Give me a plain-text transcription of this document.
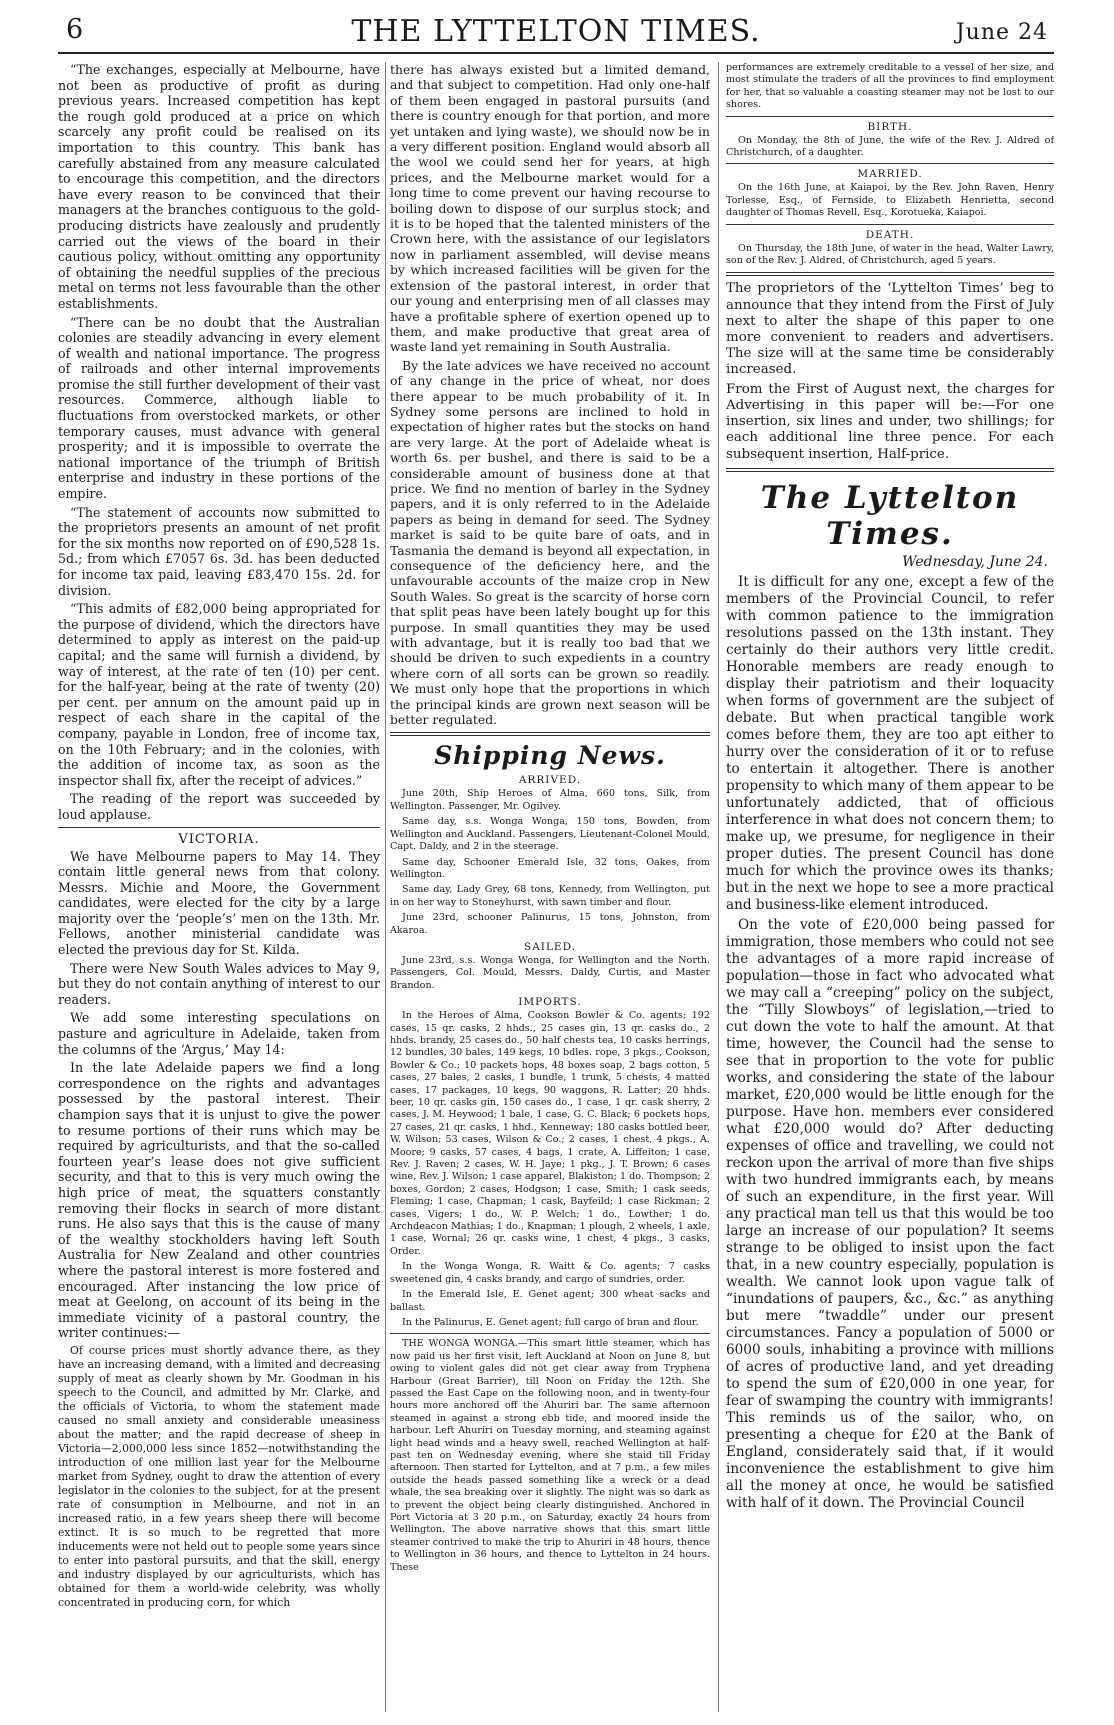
6	THE LYTTELTON TIMES.	June 24

“The exchanges, especially at Melbourne, have not been as productive of profit as during previous years. Increased competition has kept the rough gold produced at a price on which scarcely any profit could be realised on its importation to this country. This bank has carefully abstained from any measure calculated to encourage this competition, and the directors have every reason to be convinced that their managers at the branches contiguous to the gold-producing districts have zealously and prudently carried out the views of the board in their cautious policy, without omitting any opportunity of obtaining the needful supplies of the precious metal on terms not less favourable than the other establishments.

“There can be no doubt that the Australian colonies are steadily advancing in every element of wealth and national importance. The progress of railroads and other internal improvements promise the still further development of their vast resources. Commerce, although liable to fluctuations from overstocked markets, or other temporary causes, must advance with general prosperity; and it is impossible to overrate the national importance of the triumph of British enterprise and industry in these portions of the empire.

“The statement of accounts now submitted to the proprietors presents an amount of net profit for the six months now reported on of £90,528 1s. 5d.; from which £7057 6s. 3d. has been deducted for income tax paid, leaving £83,470 15s. 2d. for division.

“This admits of £82,000 being appropriated for the purpose of dividend, which the directors have determined to apply as interest on the paid-up capital; and the same will furnish a dividend, by way of interest, at the rate of ten (10) per cent. for the half-year, being at the rate of twenty (20) per cent. per annum on the amount paid up in respect of each share in the capital of the company, payable in London, free of income tax, on the 10th February; and in the colonies, with the addition of income tax, as soon as the inspector shall fix, after the receipt of advices.”

The reading of the report was succeeded by loud applause.

VICTORIA.

We have Melbourne papers to May 14. They contain little general news from that colony. Messrs. Michie and Moore, the Government candidates, were elected for the city by a large majority over the ‘people’s’ men on the 13th. Mr. Fellows, another ministerial candidate was elected the previous day for St. Kilda.

There were New South Wales advices to May 9, but they do not contain anything of interest to our readers.

We add some interesting speculations on pasture and agriculture in Adelaide, taken from the columns of the ‘Argus,’ May 14:

In the late Adelaide papers we find a long correspondence on the rights and advantages possessed by the pastoral interest. Their champion says that it is unjust to give the power to resume portions of their runs which may be required by agriculturists, and that the so-called fourteen year’s lease does not give sufficient security, and that to this is very much owing the high price of meat, the squatters constantly removing their flocks in search of more distant runs. He also says that this is the cause of many of the wealthy stockholders having left South Australia for New Zealand and other countries where the pastoral interest is more fostered and encouraged. After instancing the low price of meat at Geelong, on account of its being in the immediate vicinity of a pastoral country, the writer continues:—

Of course prices must shortly advance there, as they have an increasing demand, with a limited and decreasing supply of meat as clearly shown by Mr. Goodman in his speech to the Council, and admitted by Mr. Clarke, and the officials of Victoria, to whom the statement made caused no small anxiety and considerable uneasiness about the matter; and the rapid decrease of sheep in Victoria—2,000,000 less since 1852—notwithstanding the introduction of one million last year for the Melbourne market from Sydney, ought to draw the attention of every legislator in the colonies to the subject, for at the present rate of consumption in Melbourne, and not in an increased ratio, in a few years sheep there will become extinct. It is so much to be regretted that more inducements were not held out to people some years since to enter into pastoral pursuits, and that the skill, energy and industry displayed by our agriculturists, which has obtained for them a world-wide celebrity, was wholly concentrated in producing corn, for which

there has always existed but a limited demand, and that subject to competition. Had only one-half of them been engaged in pastoral pursuits (and there is country enough for that portion, and more yet untaken and lying waste), we should now be in a very different position. England would absorb all the wool we could send her for years, at high prices, and the Melbourne market would for a long time to come prevent our having recourse to boiling down to dispose of our surplus stock; and it is to be hoped that the talented ministers of the Crown here, with the assistance of our legislators now in parliament assembled, will devise means by which increased facilities will be given for the extension of the pastoral interest, in order that our young and enterprising men of all classes may have a profitable sphere of exertion opened up to them, and make productive that great area of waste land yet remaining in South Australia.

By the late advices we have received no account of any change in the price of wheat, nor does there appear to be much probability of it. In Sydney some persons are inclined to hold in expectation of higher rates but the stocks on hand are very large. At the port of Adelaide wheat is worth 6s. per bushel, and there is said to be a considerable amount of business done at that price. We find no mention of barley in the Sydney papers, and it is only referred to in the Adelaide papers as being in demand for seed. The Sydney market is said to be quite bare of oats, and in Tasmania the demand is beyond all expectation, in consequence of the deficiency here, and the unfavourable accounts of the maize crop in New South Wales. So great is the scarcity of horse corn that split peas have been lately bought up for this purpose. In small quantities they may be used with advantage, but it is really too bad that we should be driven to such expedients in a country where corn of all sorts can be grown so readily. We must only hope that the proportions in which the principal kinds are grown next season will be better regulated.

Shipping News.

ARRIVED.

June 20th, Ship Heroes of Alma, 660 tons, Silk, from Wellington. Passenger, Mr. Ogilvey.

Same day, s.s. Wonga Wonga, 150 tons, Bowden, from Wellington and Auckland. Passengers, Lieutenant-Colonel Mould, Capt. Daldy, and 2 in the steerage.

Same day, Schooner Emerald Isle, 32 tons, Oakes, from Wellington.

Same day, Lady Grey, 68 tons, Kennedy, from Wellington, put in on her way to Stoneyhurst, with sawn timber and flour.

June 23rd, schooner Palinurus, 15 tons, Johnston, from Akaroa.

SAILED.

June 23rd, s.s. Wonga Wonga, for Wellington and the North. Passengers, Col. Mould, Messrs. Daldy, Curtis, and Master Brandon.

IMPORTS.

In the Heroes of Alma, Cookson Bowler & Co. agents; 192 cases, 15 qr. casks, 2 hhds., 25 cases gin, 13 qr. casks do., 2 hhds. brandy, 25 cases do., 50 half chests tea, 10 casks herrings, 12 bundles, 30 bales, 149 kegs, 10 bdles. rope, 3 pkgs., Cookson, Bowler & Co.; 10 packets hops, 48 boxes soap, 2 bags cotton, 5 cases, 27 bales, 2 casks, 1 bundle, 1 trunk, 5 chests, 4 matted cases, 17 packages, 10 kegs, 90 waggons, R. Latter; 20 hhds. beer, 10 qr. casks gin, 150 cases do., 1 case, 1 qr. cask sherry, 2 cases, J. M. Heywood; 1 bale, 1 case, G. C. Black; 6 pockets hops, 27 cases, 21 qr. casks, 1 hhd., Kenneway; 180 casks bottled beer, W. Wilson; 53 cases, Wilson & Co.; 2 cases, 1 chest, 4 pkgs., A. Moore; 9 casks, 57 cases, 4 bags, 1 crate, A. Liffeiton; 1 case, Rev. J. Raven; 2 cases, W. H. Jaye; 1 pkg., J. T. Brown; 6 cases wine, Rev. J. Wilson; 1 case apparel, Blakiston; 1 do. Thompson; 2 boxes, Gordon; 2 cases, Hodgson; 1 case, Smith; 1 cask seeds, Fleming; 1 case, Chapman; 1 cask, Bayfeild; 1 case Rickman; 2 cases, Vigers; 1 do., W. P. Welch; 1 do., Lowther; 1 do. Archdeacon Mathias; 1 do., Knapman; 1 plough, 2 wheels, 1 axle, 1 case, Wornal; 26 qr. casks wine, 1 chest, 4 pkgs., 3 casks, Order.

In the Wonga Wonga, R. Waitt & Co. agents; 7 casks sweetened gin, 4 casks brandy, and cargo of sundries, order.

In the Emerald Isle, E. Genet agent; 300 wheat sacks and ballast.

In the Palinurus, E. Genet agent; full cargo of bran and flour.

THE WONGA WONGA.—This smart little steamer, which has now paid us her first visit, left Auckland at Noon on June 8, but owing to violent gales did not get clear away from Tryphena Harbour (Great Barrier), till Noon on Friday the 12th. She passed the East Cape on the following noon, and in twenty-four hours more anchored off the Ahuriri bar. The same afternoon steamed in against a strong ebb tide, and moored inside the harbour. Left Ahuriri on Tuesday morning, and steaming against light head winds and a heavy swell, reached Wellington at half-past ten on Wednesday evening, where she staid till Friday afternoon. Then started for Lyttelton, and at 7 p.m., a few miles outside the heads passed something like a wreck or a dead whale, the sea breaking over it slightly. The night was so dark as to prevent the object being clearly distinguished. Anchored in Port Victoria at 3 20 p.m., on Saturday, exactly 24 hours from Wellington. The above narrative shows that this smart little steamer contrived to make the trip to Ahuriri in 48 hours, thence to Wellington in 36 hours, and thence to Lyttelton in 24 hours. These

performances are extremely creditable to a vessel of her size, and most stimulate the traders of all the provinces to find employment for her, that so valuable a coasting steamer may not be lost to our shores.

BIRTH.

On Monday, the 8th of June, the wife of the Rev. J. Aldred of Christchurch, of a daughter.

MARRIED.

On the 16th June, at Kaiapoi, by the Rev. John Raven, Henry Torlesse, Esq., of Fernside, to Elizabeth Henrietta, second daughter of Thomas Revell, Esq., Korotueka, Kaiapoi.

DEATH.

On Thursday, the 18th June, of water in the head, Walter Lawry, son of the Rev. J. Aldred, of Christchurch, aged 5 years.

The proprietors of the ‘Lyttelton Times’ beg to announce that they intend from the First of July next to alter the shape of this paper to one more convenient to readers and advertisers. The size will at the same time be considerably increased.

From the First of August next, the charges for Advertising in this paper will be:—For one insertion, six lines and under, two shillings; for each additional line three pence. For each subsequent insertion, Half-price.

The Lyttelton Times.

Wednesday, June 24.

It is difficult for any one, except a few of the members of the Provincial Council, to refer with common patience to the immigration resolutions passed on the 13th instant. They certainly do their authors very little credit. Honorable members are ready enough to display their patriotism and their loquacity when forms of government are the subject of debate. But when practical tangible work comes before them, they are too apt either to hurry over the consideration of it or to refuse to entertain it altogether. There is another propensity to which many of them appear to be unfortunately addicted, that of officious interference in what does not concern them; to make up, we presume, for negligence in their proper duties. The present Council has done much for which the province owes its thanks; but in the next we hope to see a more practical and business-like element introduced.

On the vote of £20,000 being passed for immigration, those members who could not see the advantages of a more rapid increase of population—those in fact who advocated what we may call a “creeping” policy on the subject, the “Tilly Slowboys” of legislation,—tried to cut down the vote to half the amount. At that time, however, the Council had the sense to see that in proportion to the vote for public works, and considering the state of the labour market, £20,000 would be little enough for the purpose. Have hon. members ever considered what £20,000 would do? After deducting expenses of office and travelling, we could not reckon upon the arrival of more than five ships with two hundred immigrants each, by means of such an expenditure, in the first year. Will any practical man tell us that this would be too large an increase of our population? It seems strange to be obliged to insist upon the fact that, in a new country especially, population is wealth. We cannot look upon vague talk of “inundations of paupers, &c., &c.” as anything but mere “twaddle” under our present circumstances. Fancy a population of 5000 or 6000 souls, inhabiting a province with millions of acres of productive land, and yet dreading to spend the sum of £20,000 in one year, for fear of swamping the country with immigrants! This reminds us of the sailor, who, on presenting a cheque for £20 at the Bank of England, considerately said that, if it would inconvenience the establishment to give him all the money at once, he would be satisfied with half of it down. The Provincial Council
